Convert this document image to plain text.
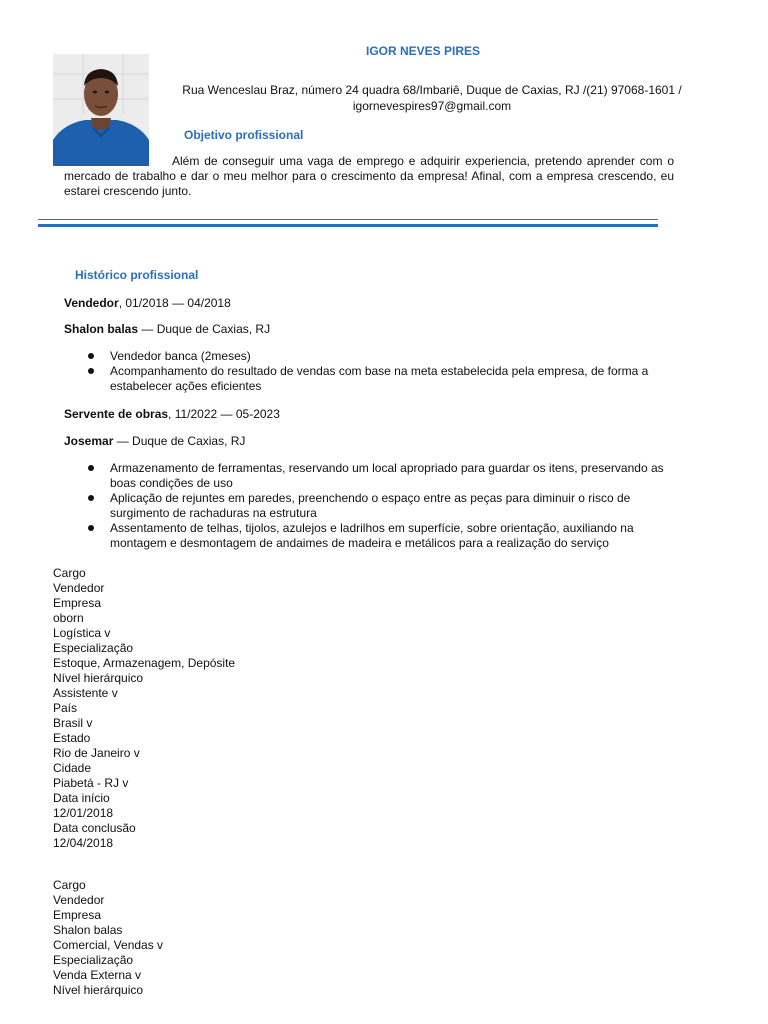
IGOR NEVES PIRES
Rua Wenceslau Braz, número 24 quadra 68/Imbariê, Duque de Caxias, RJ /(21) 97068-1601 /
igornevespires97@gmail.com
Objetivo profissional
Além de conseguir uma vaga de emprego e adquirir experiencia, pretendo aprender com o mercado de trabalho e dar o meu melhor para o crescimento da empresa! Afinal, com a empresa crescendo, eu estarei crescendo junto.
Histórico profissional
Vendedor, 01/2018 — 04/2018
Shalon balas — Duque de Caxias, RJ
Vendedor banca (2meses)
Acompanhamento do resultado de vendas com base na meta estabelecida pela empresa, de forma a estabelecer ações eficientes
Servente de obras, 11/2022 — 05-2023
Josemar — Duque de Caxias, RJ
Armazenamento de ferramentas, reservando um local apropriado para guardar os itens, preservando as boas condições de uso
Aplicação de rejuntes em paredes, preenchendo o espaço entre as peças para diminuir o risco de surgimento de rachaduras na estrutura
Assentamento de telhas, tijolos, azulejos e ladrilhos em superfície, sobre orientação, auxiliando na montagem e desmontagem de andaimes de madeira e metálicos para a realização do serviço
Cargo
Vendedor
Empresa
oborn
Logística v
Especialização
Estoque, Armazenagem, Depósite
Nível hierárquico
Assistente v
País
Brasil v
Estado
Rio de Janeiro v
Cidade
Piabetá - RJ v
Data início
12/01/2018
Data conclusão
12/04/2018
Cargo
Vendedor
Empresa
Shalon balas
Comercial, Vendas v
Especialização
Venda Externa v
Nível hierárquico
